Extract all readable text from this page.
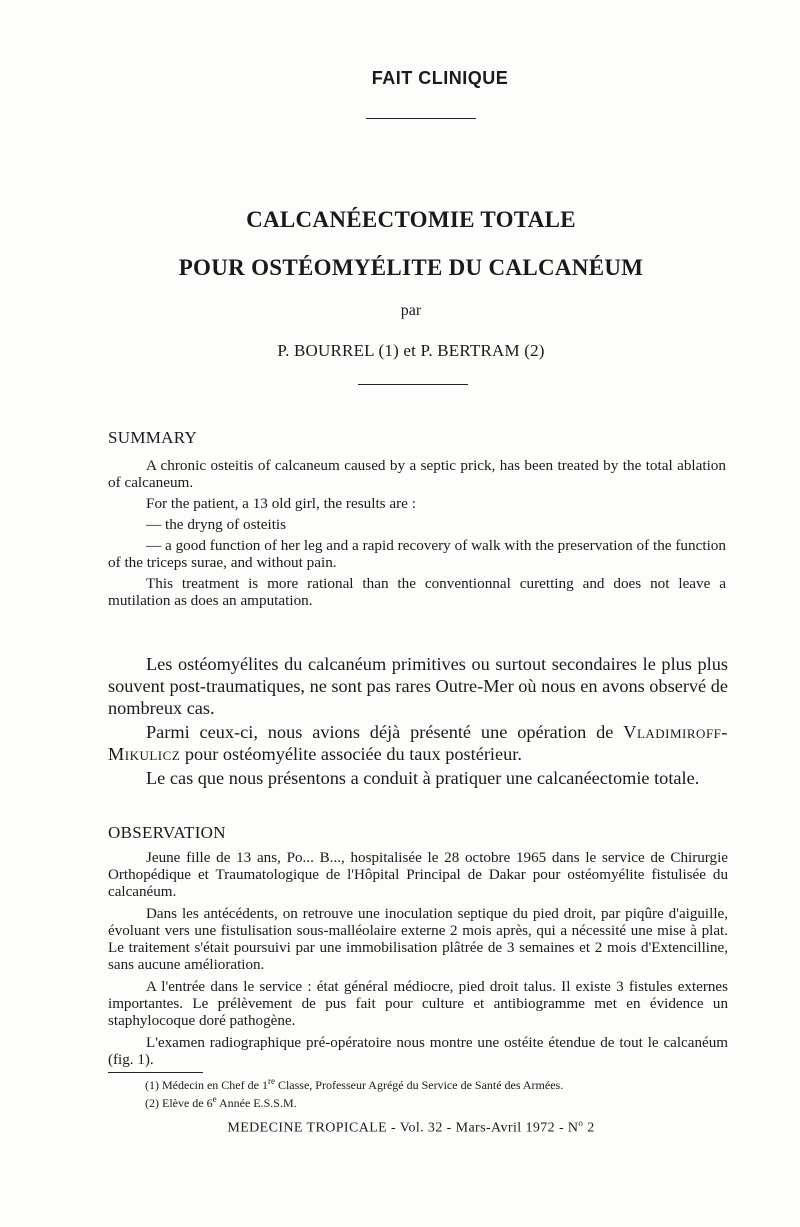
FAIT CLINIQUE
CALCANÉECTOMIE TOTALE
POUR OSTÉOMYÉLITE DU CALCANÉUM
par
P. BOURREL (1) et P. BERTRAM (2)
SUMMARY

A chronic osteitis of calcaneum caused by a septic prick, has been treated by the total ablation of calcaneum.

For the patient, a 13 old girl, the results are :

— the dryng of osteitis

— a good function of her leg and a rapid recovery of walk with the preservation of the function of the triceps surae, and without pain.

This treatment is more rational than the conventionnal curetting and does not leave a mutilation as does an amputation.

Les ostéomyélites du calcanéum primitives ou surtout secondaires le plus plus souvent post-traumatiques, ne sont pas rares Outre-Mer où nous en avons observé de nombreux cas.

Parmi ceux-ci, nous avions déjà présenté une opération de Vladimiroff-Mikulicz pour ostéomyélite associée du taux postérieur.

Le cas que nous présentons a conduit à pratiquer une calcanéectomie totale.

OBSERVATION

Jeune fille de 13 ans, Po... B..., hospitalisée le 28 octobre 1965 dans le service de Chirurgie Orthopédique et Traumatologique de l'Hôpital Principal de Dakar pour ostéomyélite fistulisée du calcanéum.

Dans les antécédents, on retrouve une inoculation septique du pied droit, par piqûre d'aiguille, évoluant vers une fistulisation sous-malléolaire externe 2 mois après, qui a nécessité une mise à plat. Le traitement s'était poursuivi par une immobilisation plâtrée de 3 semaines et 2 mois d'Extencilline, sans aucune amélioration.

A l'entrée dans le service : état général médiocre, pied droit talus. Il existe 3 fistules externes importantes. Le prélèvement de pus fait pour culture et antibiogramme met en évidence un staphylocoque doré pathogène.

L'examen radiographique pré-opératoire nous montre une ostéite étendue de tout le calcanéum (fig. 1).

(1) Médecin en Chef de 1re Classe, Professeur Agrégé du Service de Santé des Armées.
(2) Elève de 6e Année E.S.S.M.
MEDECINE TROPICALE - Vol. 32 - Mars-Avril $1972 - N^o$ 2
